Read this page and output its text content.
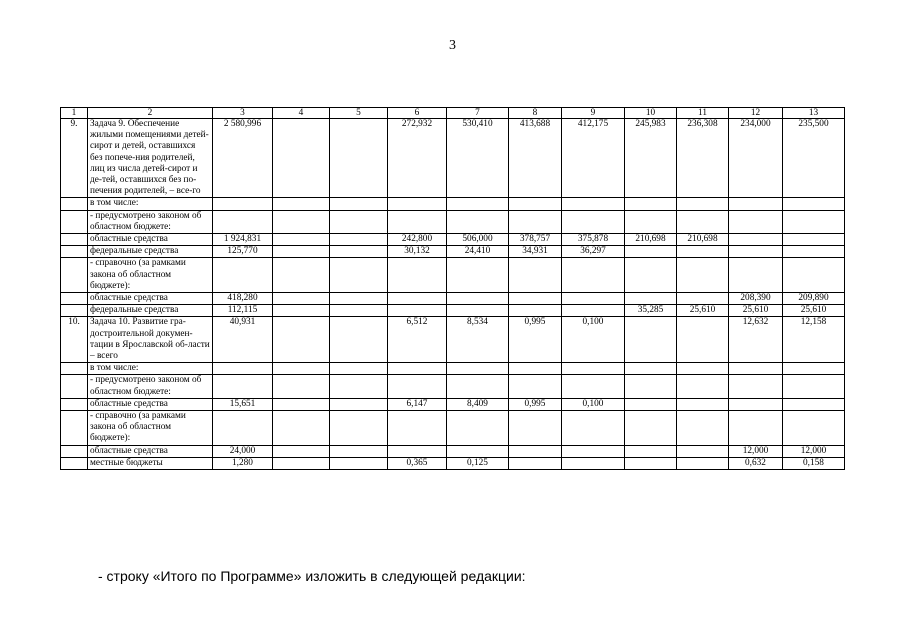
3
1	2	3	4	5	6	7	8	9	10	11	12	13
9.	Задача 9. Обеспечение жилыми помещениями детей-сирот и детей, оставшихся без попече-ния родителей, лиц из числа детей-сирот и де-тей, оставшихся без по-печения родителей, – все-го	2 580,996			272,932	530,410	413,688	412,175	245,983	236,308	234,000	235,500
	в том числе:											
	- предусмотрено законом об областном бюджете:											
	областные средства	1 924,831			242,800	506,000	378,757	375,878	210,698	210,698		
	федеральные средства	125,770			30,132	24,410	34,931	36,297				
	- справочно (за рамками закона об областном бюджете):											
	областные средства	418,280									208,390	209,890
	федеральные средства	112,115							35,285	25,610	25,610	25,610
10.	Задача 10. Развитие гра-достроительной докумен-тации в Ярославской об-ласти – всего	40,931			6,512	8,534	0,995	0,100			12,632	12,158
	в том числе:											
	- предусмотрено законом об областном бюджете:											
	областные средства	15,651			6,147	8,409	0,995	0,100				
	- справочно (за рамками закона об областном бюджете):											
	областные средства	24,000									12,000	12,000
	местные бюджеты	1,280			0,365	0,125					0,632	0,158
- строку «Итого по Программе» изложить в следующей редакции:
